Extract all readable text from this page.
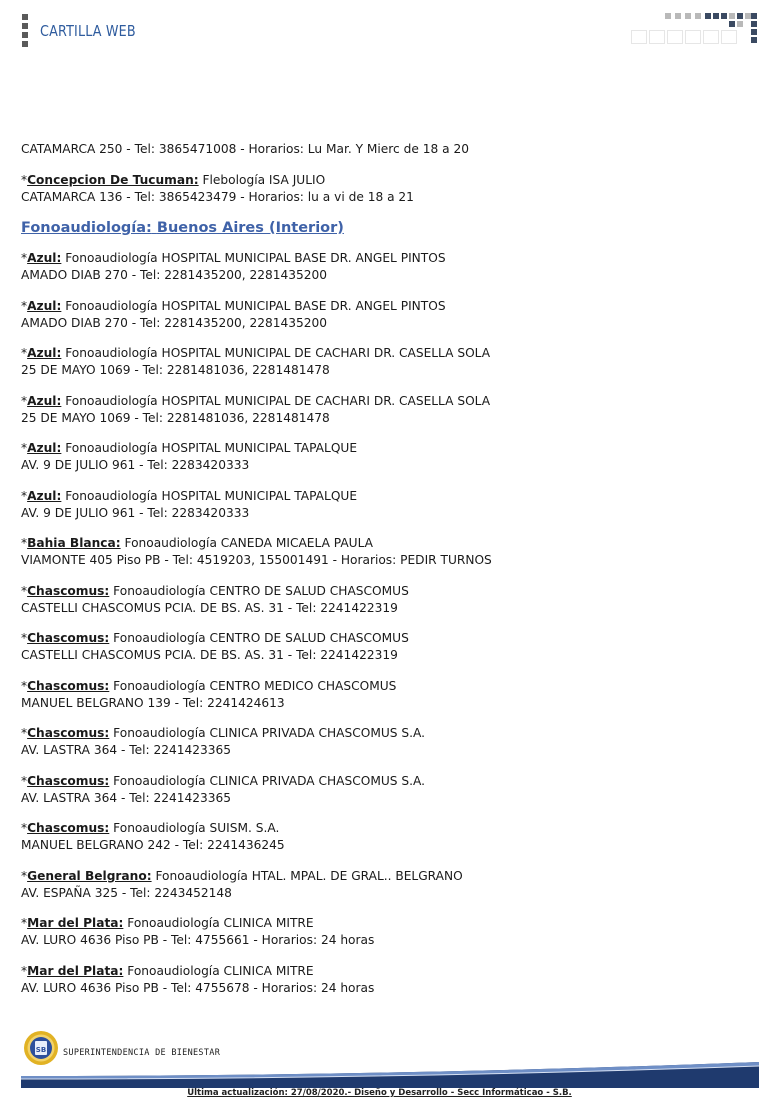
CARTILLA WEB
CATAMARCA 250 - Tel: 3865471008 - Horarios: Lu Mar. Y Mierc de 18 a 20
*Concepcion De Tucuman: Flebología ISA JULIO
CATAMARCA 136 - Tel: 3865423479 - Horarios: lu a vi de 18 a 21
Fonoaudiología: Buenos Aires (Interior)
*Azul: Fonoaudiología HOSPITAL MUNICIPAL BASE DR. ANGEL PINTOS
AMADO DIAB 270 - Tel: 2281435200, 2281435200
*Azul: Fonoaudiología HOSPITAL MUNICIPAL BASE DR. ANGEL PINTOS
AMADO DIAB 270 - Tel: 2281435200, 2281435200
*Azul: Fonoaudiología HOSPITAL MUNICIPAL DE CACHARI DR. CASELLA SOLA
25 DE MAYO 1069 - Tel: 2281481036, 2281481478
*Azul: Fonoaudiología HOSPITAL MUNICIPAL DE CACHARI DR. CASELLA SOLA
25 DE MAYO 1069 - Tel: 2281481036, 2281481478
*Azul: Fonoaudiología HOSPITAL MUNICIPAL TAPALQUE
AV. 9 DE JULIO 961 - Tel: 2283420333
*Azul: Fonoaudiología HOSPITAL MUNICIPAL TAPALQUE
AV. 9 DE JULIO 961 - Tel: 2283420333
*Bahia Blanca: Fonoaudiología CANEDA MICAELA PAULA
VIAMONTE 405 Piso PB - Tel: 4519203, 155001491 - Horarios: PEDIR TURNOS
*Chascomus: Fonoaudiología CENTRO DE SALUD CHASCOMUS
CASTELLI CHASCOMUS PCIA. DE BS. AS. 31 - Tel: 2241422319
*Chascomus: Fonoaudiología CENTRO DE SALUD CHASCOMUS
CASTELLI CHASCOMUS PCIA. DE BS. AS. 31 - Tel: 2241422319
*Chascomus: Fonoaudiología CENTRO MEDICO CHASCOMUS
MANUEL BELGRANO 139 - Tel: 2241424613
*Chascomus: Fonoaudiología CLINICA PRIVADA CHASCOMUS S.A.
AV. LASTRA 364 - Tel: 2241423365
*Chascomus: Fonoaudiología CLINICA PRIVADA CHASCOMUS S.A.
AV. LASTRA 364 - Tel: 2241423365
*Chascomus: Fonoaudiología SUISM. S.A.
MANUEL BELGRANO 242 - Tel: 2241436245
*General Belgrano: Fonoaudiología HTAL. MPAL. DE GRAL.. BELGRANO
AV. ESPAÑA 325 - Tel: 2243452148
*Mar del Plata: Fonoaudiología CLINICA MITRE
AV. LURO 4636 Piso PB - Tel: 4755661 - Horarios: 24 horas
*Mar del Plata: Fonoaudiología CLINICA MITRE
AV. LURO 4636 Piso PB - Tel: 4755678 - Horarios: 24 horas
SB SUPERINTENDENCIA DE BIENESTAR
Ultima actualización: 27/08/2020.- Diseño y Desarrollo - Secc Informáticao - S.B.
